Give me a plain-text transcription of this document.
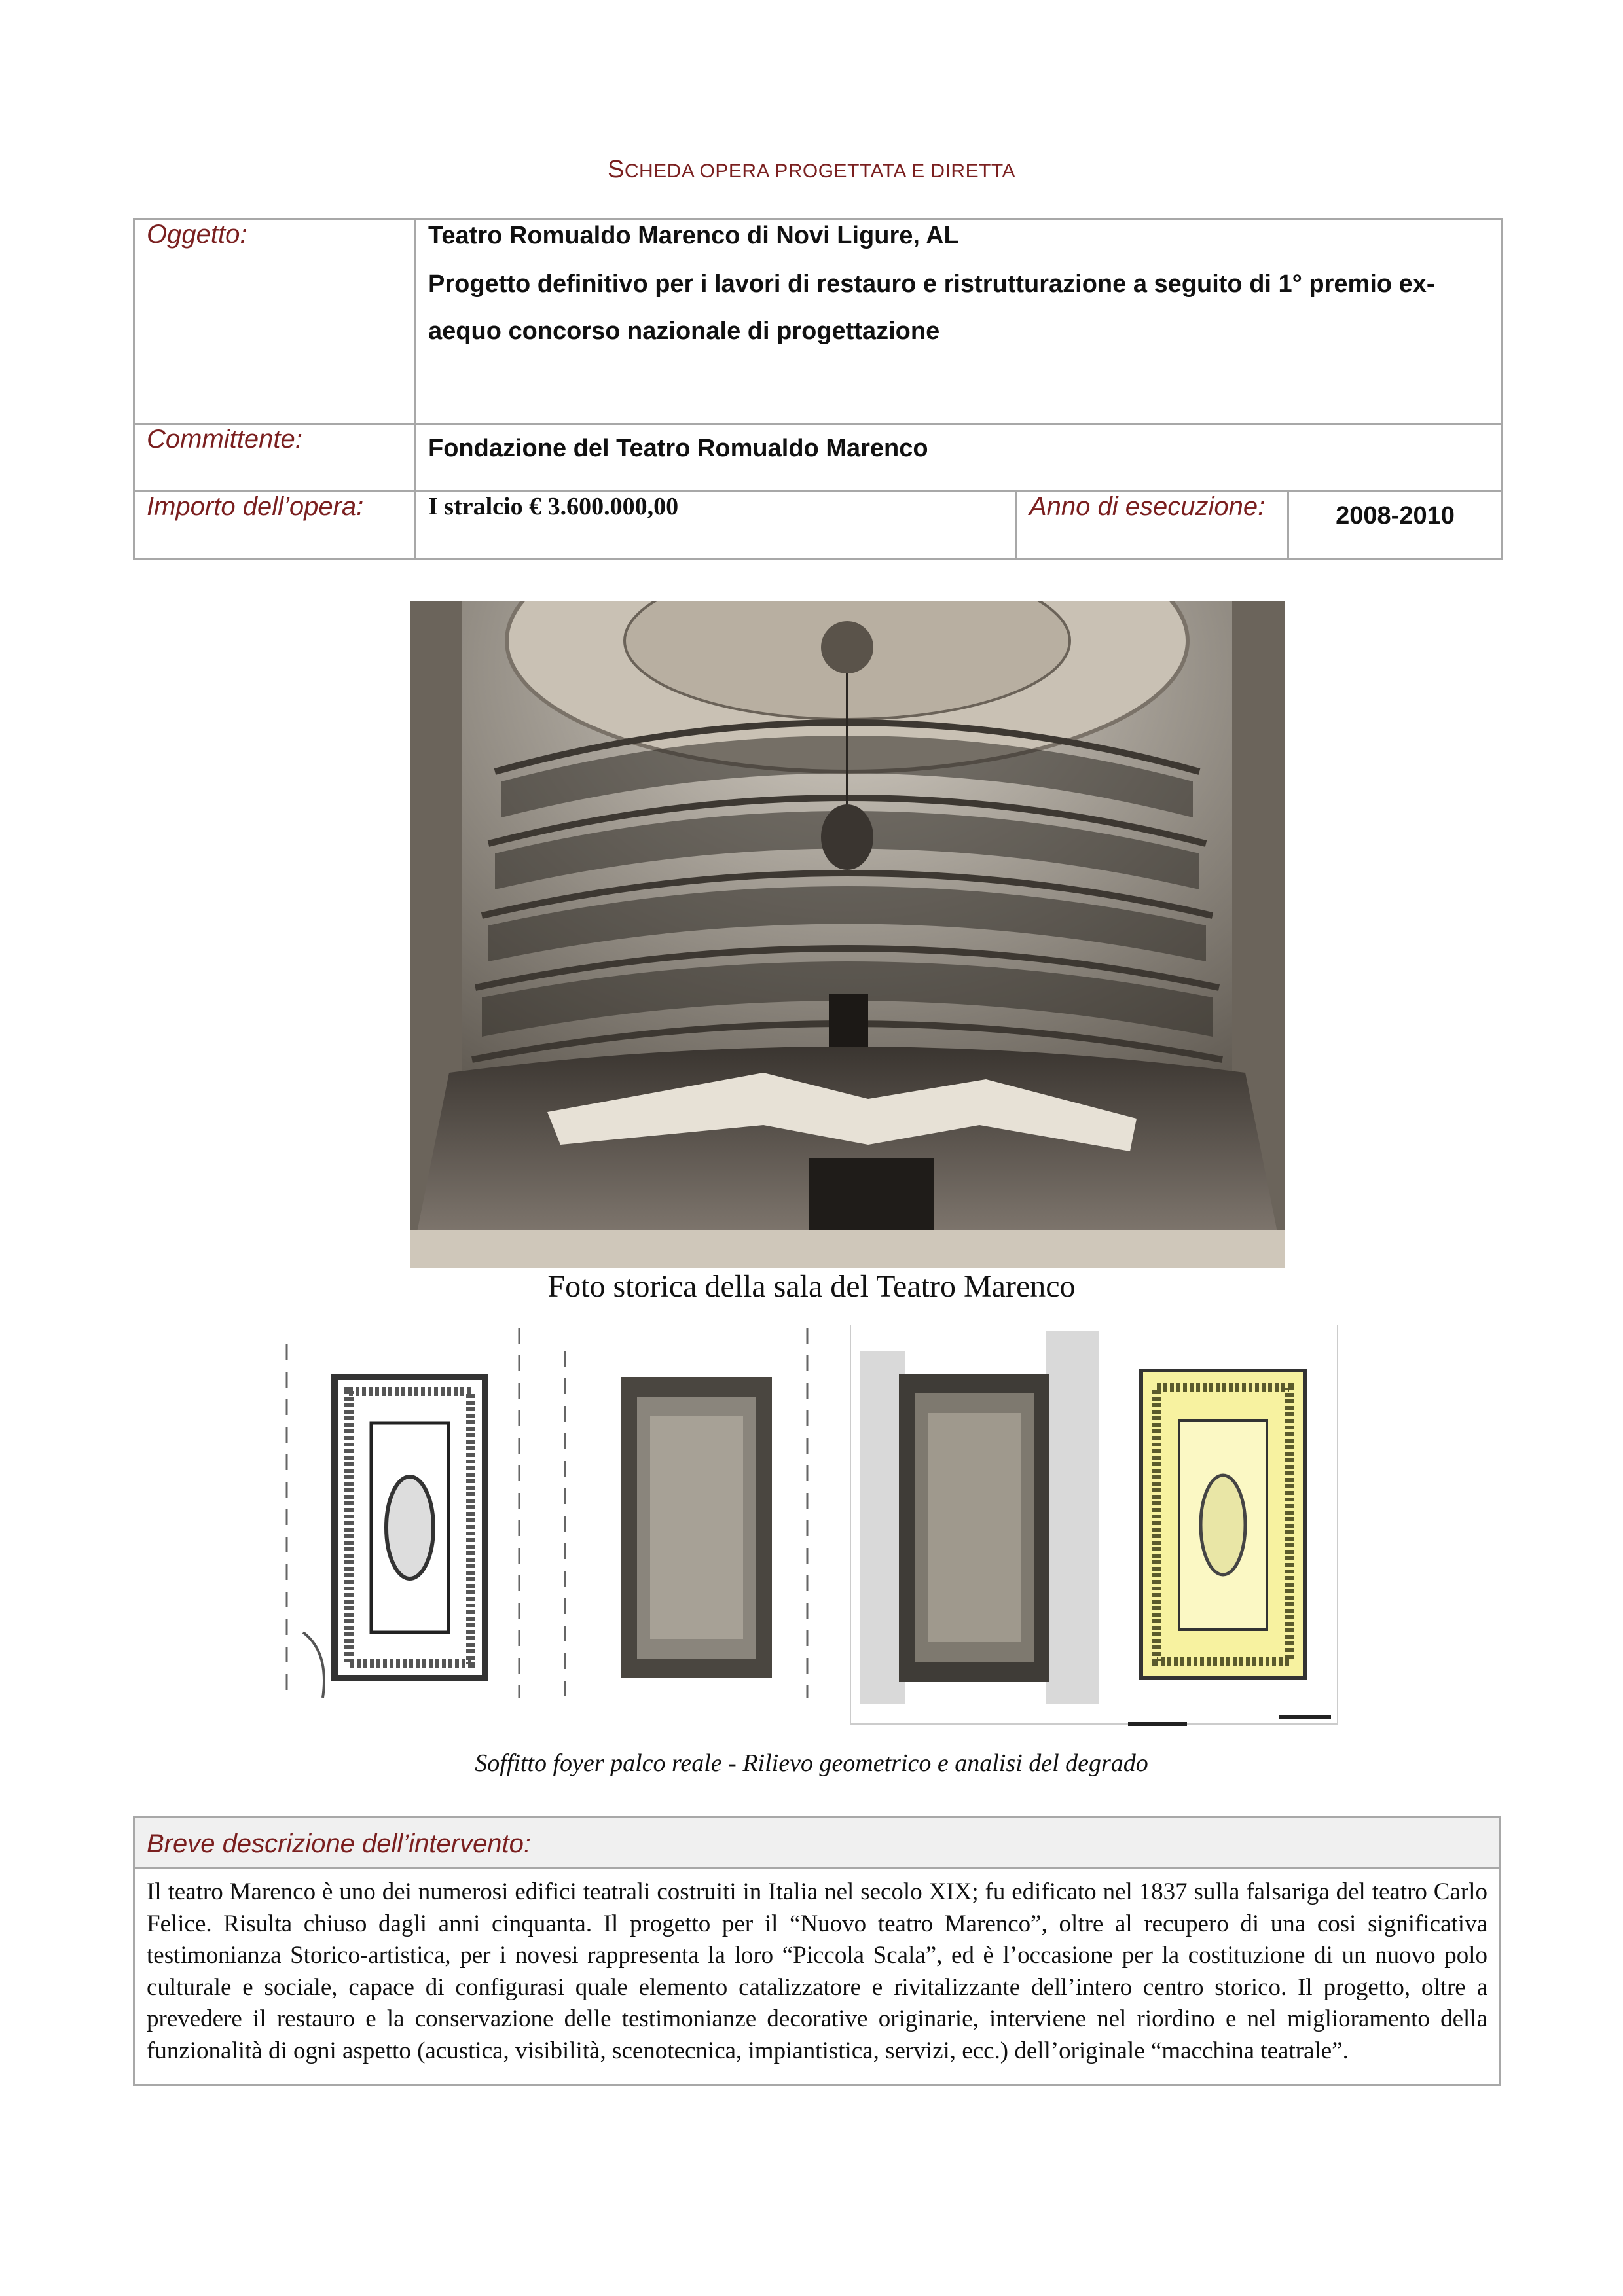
SCHEDA OPERA PROGETTATA E DIRETTA
Oggetto:	Teatro Romualdo Marenco di Novi Ligure, AL
Progetto definitivo per i lavori di restauro e ristrutturazione a seguito di 1° premio ex-aequo concorso nazionale di progettazione		

Committente:	Fondazione del Teatro Romualdo Marenco		
Importo dell’opera:	I stralcio € 3.600.000,00	Anno di esecuzione:	2008-2010
Foto storica della sala del Teatro Marenco
Soffitto foyer palco reale - Rilievo geometrico e analisi del degrado
Breve descrizione dell’intervento:
Il teatro Marenco è uno dei numerosi edifici teatrali costruiti in Italia nel secolo XIX; fu edificato nel 1837 sulla falsariga del teatro Carlo Felice. Risulta chiuso dagli anni cinquanta. Il progetto per il “Nuovo teatro Marenco”, oltre al recupero di una cosi significativa testimonianza Storico-artistica, per i novesi rappresenta la loro “Piccola Scala”, ed è l’occasione per la costituzione di un nuovo polo culturale e sociale, capace di configurasi quale elemento catalizzatore e rivitalizzante dell’intero centro storico. Il progetto, oltre a prevedere il restauro e la conservazione delle testimonianze decorative originarie, interviene nel riordino e nel miglioramento della funzionalità di ogni aspetto (acustica, visibilità, scenotecnica, impiantistica, servizi, ecc.) dell’originale “macchina teatrale”.
